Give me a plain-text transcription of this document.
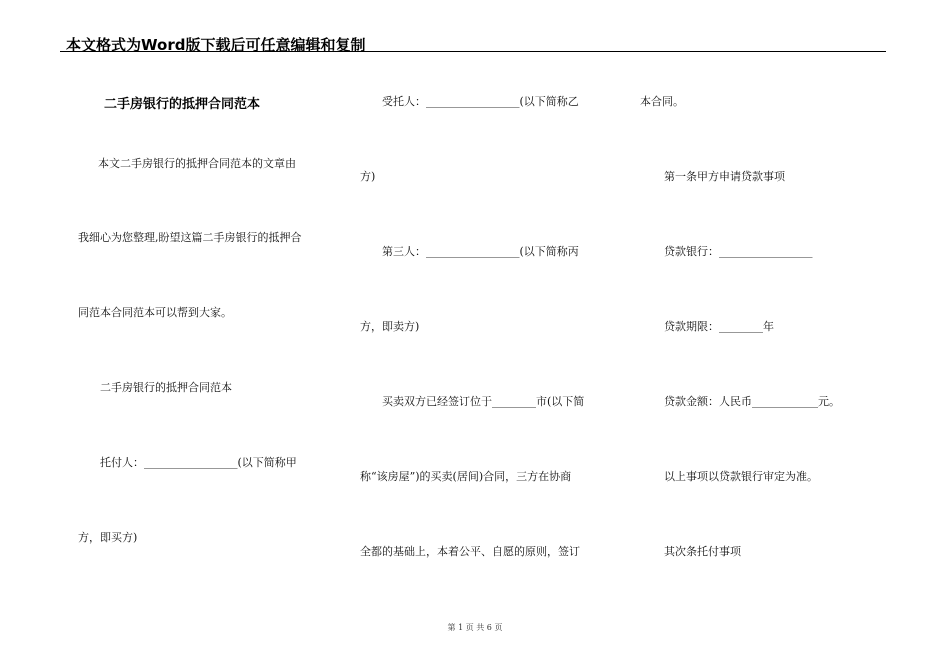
本文格式为Word版下载后可任意编辑和复制
二手房银行的抵押合同范本
本文二手房银行的抵押合同范本的文章由
我细心为您整理,盼望这篇二手房银行的抵押合
同范本合同范本可以帮到大家。
二手房银行的抵押合同范本
托付人：_________________(以下简称甲
方，即买方)
受托人：_________________(以下简称乙
方)
第三人：_________________(以下简称丙
方，即卖方)
买卖双方已经签订位于________市(以下简
称“该房屋”)的买卖(居间)合同，三方在协商
全都的基础上，本着公平、自愿的原则，签订
本合同。
第一条甲方申请贷款事项
贷款银行：_________________
贷款期限：________年
贷款金额：人民币____________元。
以上事项以贷款银行审定为准。
其次条托付事项
第 1 页 共 6 页
